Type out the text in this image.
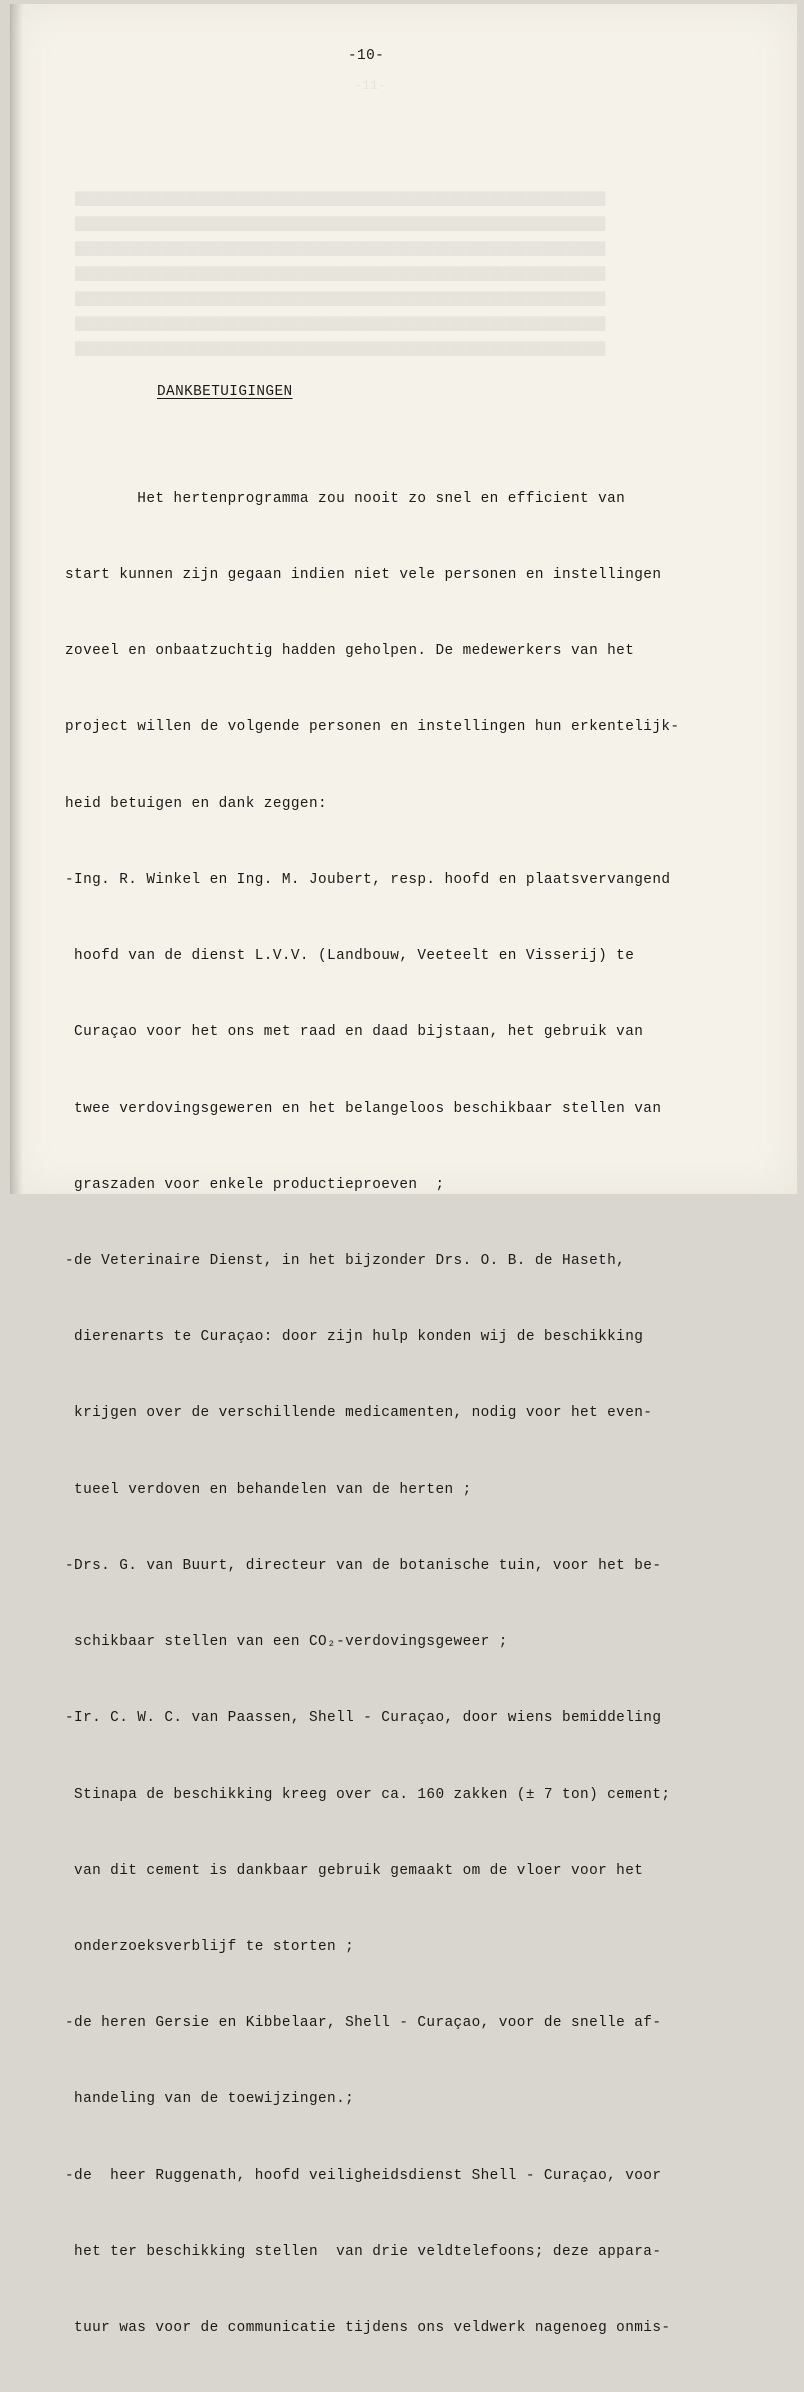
-11-
████████████████████████████████████████████████████████████████████
████████████████████████████████████████████████████████████████████
████████████████████████████████████████████████████████████████████
████████████████████████████████████████████████████████████████████
████████████████████████████████████████████████████████████████████
████████████████████████████████████████████████████████████████████
████████████████████████████████████████████████████████████████████
-10-
DANKBETUIGINGEN

Het hertenprogramma zou nooit zo snel en efficient van

start kunnen zijn gegaan indien niet vele personen en instellingen

zoveel en onbaatzuchtig hadden geholpen. De medewerkers van het

project willen de volgende personen en instellingen hun erkentelijk-

heid betuigen en dank zeggen:

-Ing. R. Winkel en Ing. M. Joubert, resp. hoofd en plaatsvervangend

hoofd van de dienst L.V.V. (Landbouw, Veeteelt en Visserij) te

Curaçao voor het ons met raad en daad bijstaan, het gebruik van

twee verdovingsgeweren en het belangeloos beschikbaar stellen van

graszaden voor enkele productieproeven  ;

-de Veterinaire Dienst, in het bijzonder Drs. O. B. de Haseth,

dierenarts te Curaçao: door zijn hulp konden wij de beschikking

krijgen over de verschillende medicamenten, nodig voor het even-

tueel verdoven en behandelen van de herten ;

-Drs. G. van Buurt, directeur van de botanische tuin, voor het be-

schikbaar stellen van een CO₂-verdovingsgeweer ;

-Ir. C. W. C. van Paassen, Shell - Curaçao, door wiens bemiddeling

Stinapa de beschikking kreeg over ca. 160 zakken (± 7 ton) cement;

van dit cement is dankbaar gebruik gemaakt om de vloer voor het

onderzoeksverblijf te storten ;

-de heren Gersie en Kibbelaar, Shell - Curaçao, voor de snelle af-

handeling van de toewijzingen.;

-de  heer Ruggenath, hoofd veiligheidsdienst Shell - Curaçao, voor

het ter beschikking stellen  van drie veldtelefoons; deze appara-

tuur was voor de communicatie tijdens ons veldwerk nagenoeg onmis-
